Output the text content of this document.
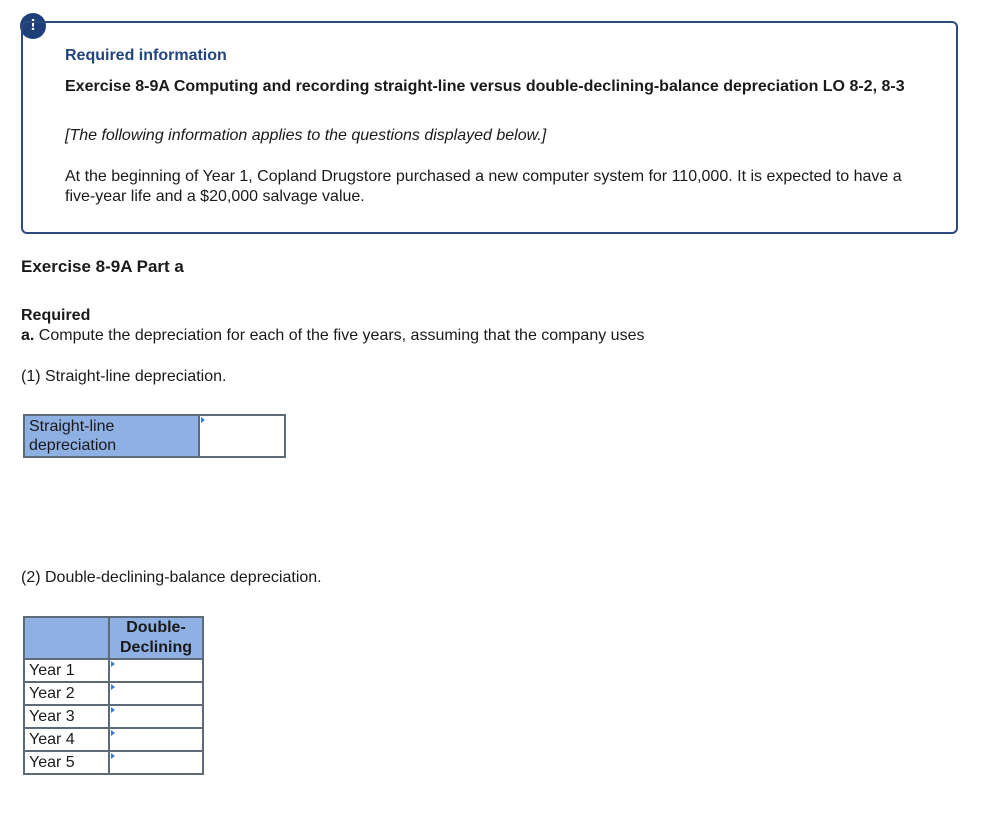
!
Required information
Exercise 8-9A Computing and recording straight-line versus double-declining-balance depreciation LO 8-2, 8-3
[The following information applies to the questions displayed below.]
At the beginning of Year 1, Copland Drugstore purchased a new computer system for 110,000. It is expected to have a five-year life and a $20,000 salvage value.
Exercise 8-9A Part a
Required
a. Compute the depreciation for each of the five years, assuming that the company uses
(1) Straight-line depreciation.
Straight-line
depreciation	
(2) Double-declining-balance depreciation.
	Double-
Declining
Year 1	

Year 2	

Year 3	

Year 4	

Year 5	
